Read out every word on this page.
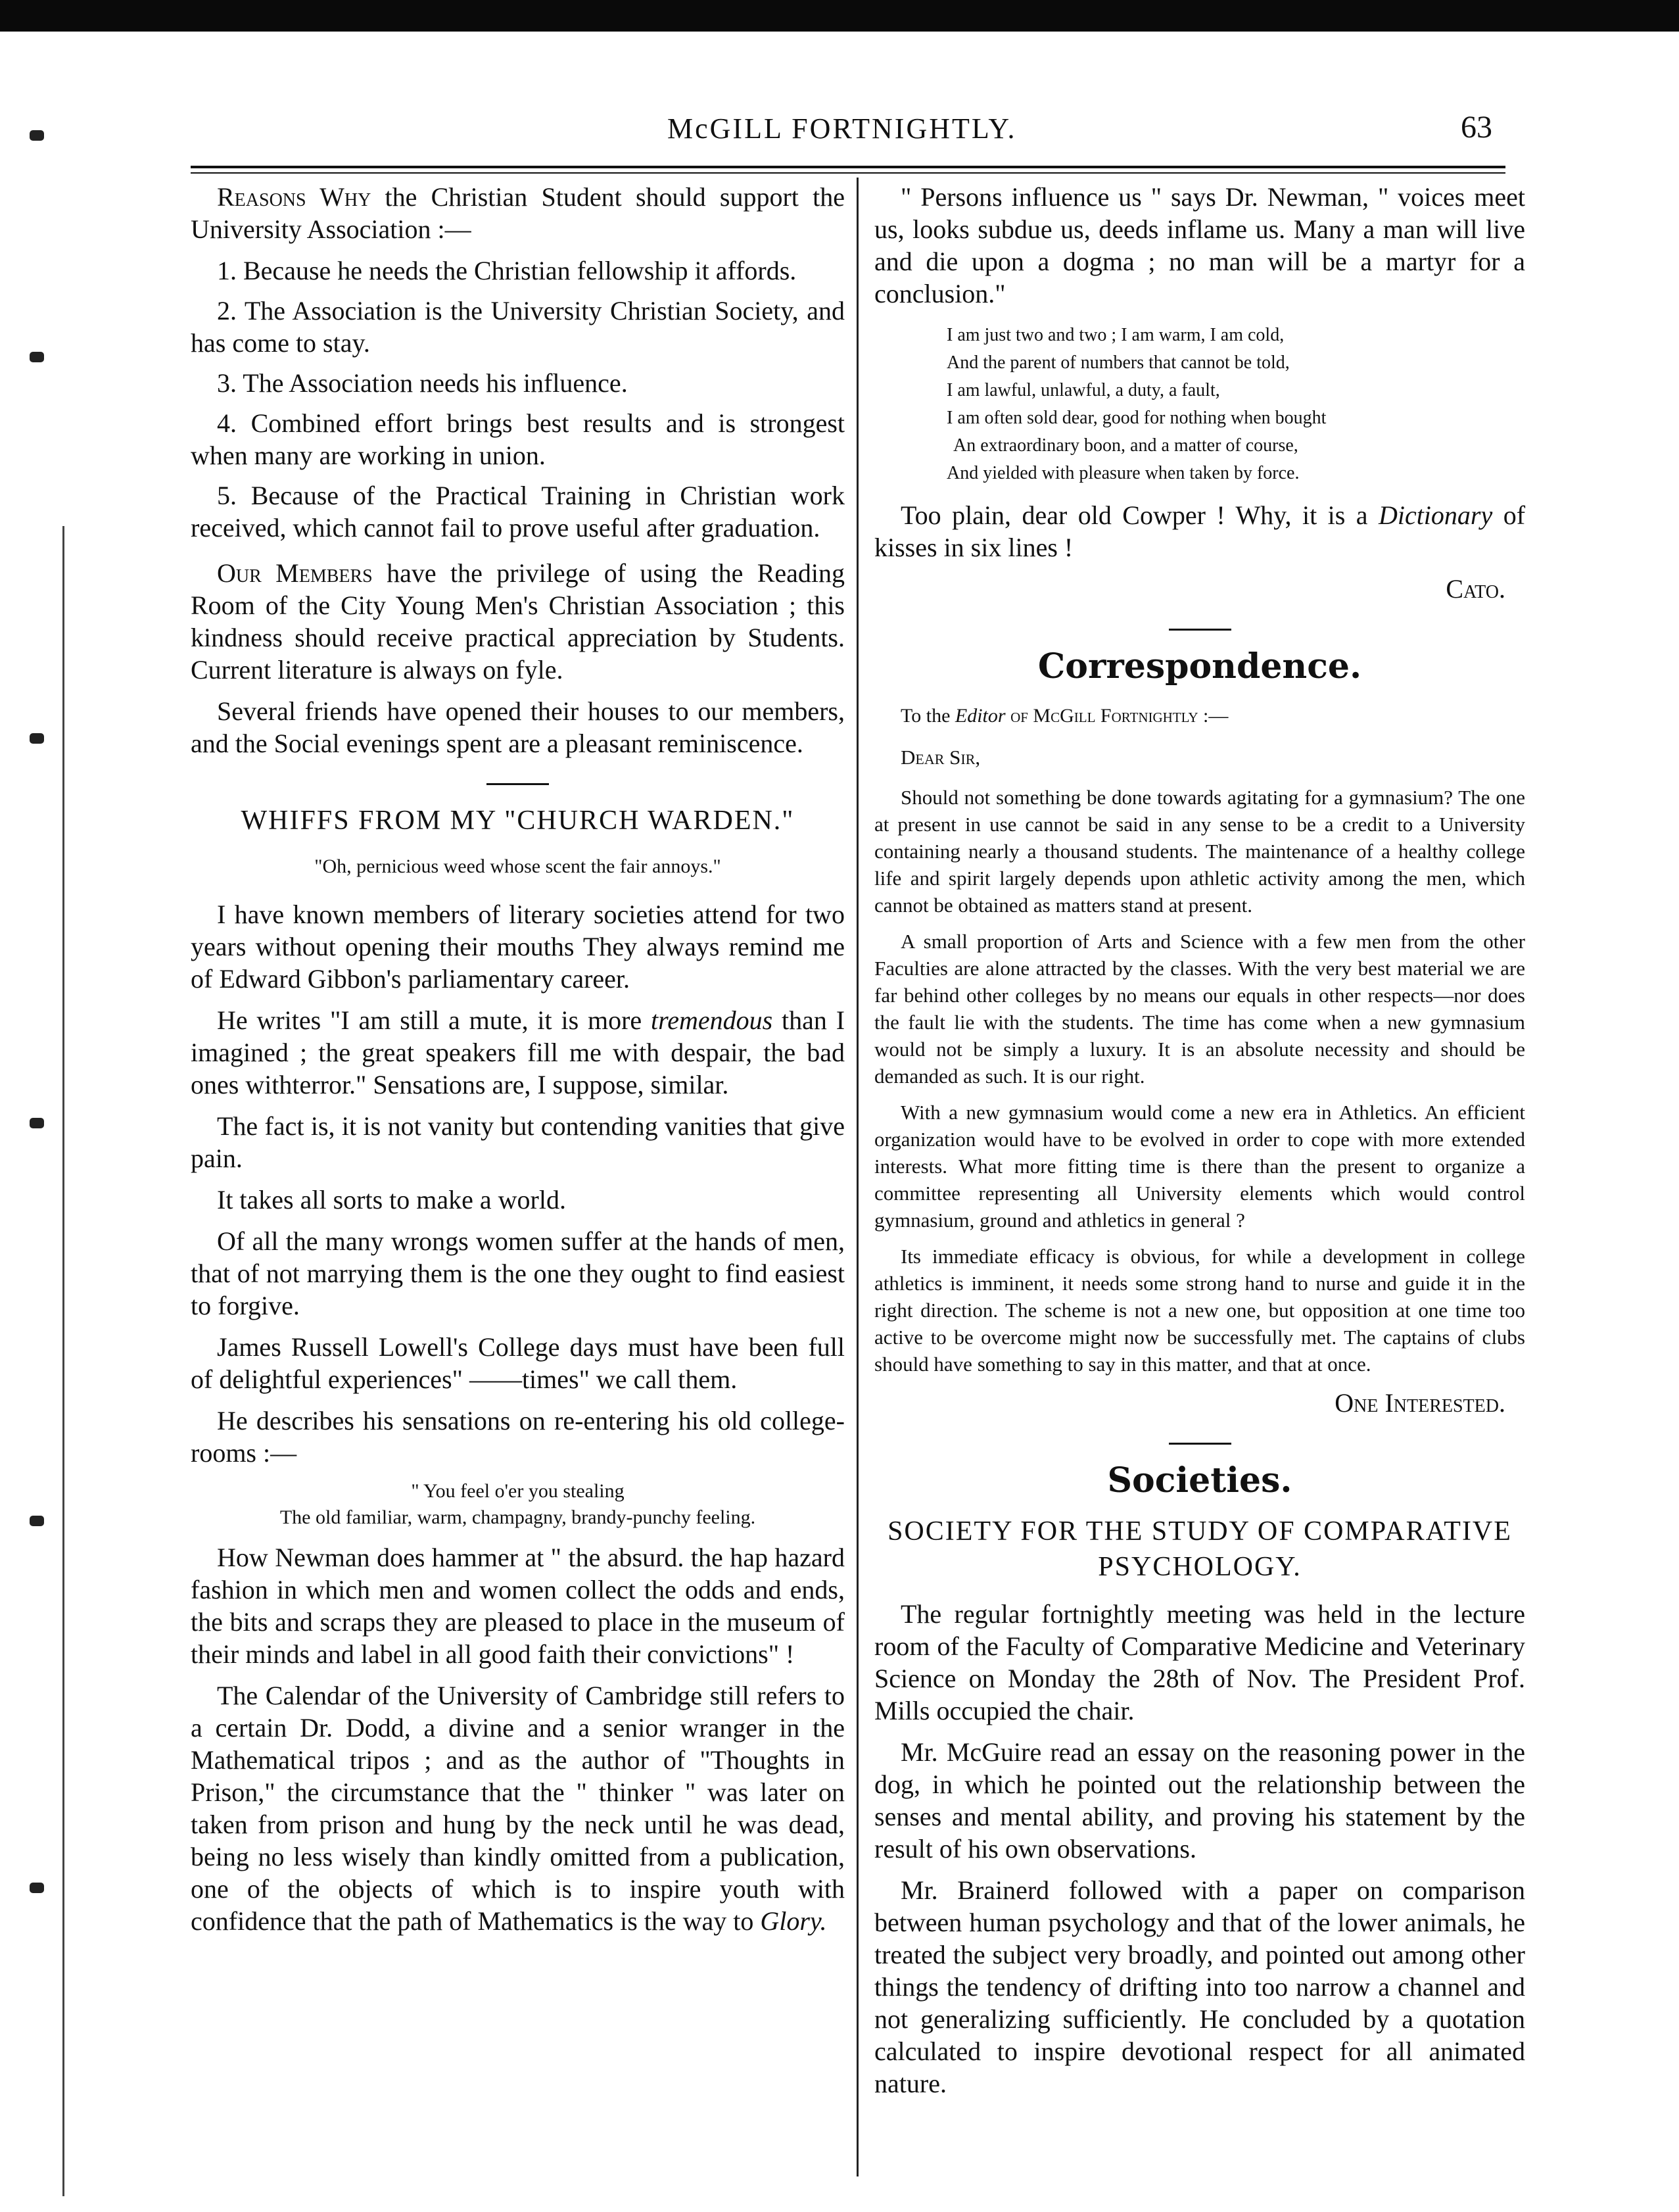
McGILL FORTNIGHTLY.	63

Reasons Why the Christian Student should support the University Association :—

1. Because he needs the Christian fellowship it affords.
2. The Association is the University Christian Society, and has come to stay.
3. The Association needs his influence.
4. Combined effort brings best results and is strongest when many are working in union.
5. Because of the Practical Training in Christian work received, which cannot fail to prove useful after graduation.

Our Members have the privilege of using the Reading Room of the City Young Men's Christian Association ; this kindness should receive practical appreciation by Students. Current literature is always on fyle.

Several friends have opened their houses to our members, and the Social evenings spent are a pleasant reminiscence.

WHIFFS FROM MY "CHURCH WARDEN."
"Oh, pernicious weed whose scent the fair annoys."

I have known members of literary societies attend for two years without opening their mouths They always remind me of Edward Gibbon's parliamentary career.

He writes "I am still a mute, it is more tremendous than I imagined ; the great speakers fill me with despair, the bad ones withterror." Sensations are, I suppose, similar.

The fact is, it is not vanity but contending vanities that give pain.

It takes all sorts to make a world.

Of all the many wrongs women suffer at the hands of men, that of not marrying them is the one they ought to find easiest to forgive.

James Russell Lowell's College days must have been full of delightful experiences" ——times" we call them.

He describes his sensations on re-entering his old college-rooms :—

" You feel o'er you stealing
The old familiar, warm, champagny, brandy-punchy feeling.

How Newman does hammer at " the absurd. the hap hazard fashion in which men and women collect the odds and ends, the bits and scraps they are pleased to place in the museum of their minds and label in all good faith their convictions" !

The Calendar of the University of Cambridge still refers to a certain Dr. Dodd, a divine and a senior wranger in the Mathematical tripos ; and as the author of "Thoughts in Prison," the circumstance that the " thinker " was later on taken from prison and hung by the neck until he was dead, being no less wisely than kindly omitted from a publication, one of the objects of which is to inspire youth with confidence that the path of Mathematics is the way to Glory.

" Persons influence us " says Dr. Newman, " voices meet us, looks subdue us, deeds inflame us. Many a man will live and die upon a dogma ; no man will be a martyr for a conclusion."

I am just two and two ; I am warm, I am cold,
And the parent of numbers that cannot be told,
I am lawful, unlawful, a duty, a fault,
I am often sold dear, good for nothing when bought
An extraordinary boon, and a matter of course,
And yielded with pleasure when taken by force.

Too plain, dear old Cowper ! Why, it is a Dictionary of kisses in six lines !

Cato.
Correspondence.
To the Editor of McGill Fortnightly :—
Dear Sir,

Should not something be done towards agitating for a gymnasium? The one at present in use cannot be said in any sense to be a credit to a University containing nearly a thousand students. The maintenance of a healthy college life and spirit largely depends upon athletic activity among the men, which cannot be obtained as matters stand at present.

A small proportion of Arts and Science with a few men from the other Faculties are alone attracted by the classes. With the very best material we are far behind other colleges by no means our equals in other respects—nor does the fault lie with the students. The time has come when a new gymnasium would not be simply a luxury. It is an absolute necessity and should be demanded as such. It is our right.

With a new gymnasium would come a new era in Athletics. An efficient organization would have to be evolved in order to cope with more extended interests. What more fitting time is there than the present to organize a committee representing all University elements which would control gymnasium, ground and athletics in general ?

Its immediate efficacy is obvious, for while a development in college athletics is imminent, it needs some strong hand to nurse and guide it in the right direction. The scheme is not a new one, but opposition at one time too active to be overcome might now be successfully met. The captains of clubs should have something to say in this matter, and that at once.

One Interested.
Societies.
SOCIETY FOR THE STUDY OF COMPARATIVE PSYCHOLOGY.

The regular fortnightly meeting was held in the lecture room of the Faculty of Comparative Medicine and Veterinary Science on Monday the 28th of Nov. The President Prof. Mills occupied the chair.

Mr. McGuire read an essay on the reasoning power in the dog, in which he pointed out the relationship between the senses and mental ability, and proving his statement by the result of his own observations.

Mr. Brainerd followed with a paper on comparison between human psychology and that of the lower animals, he treated the subject very broadly, and pointed out among other things the tendency of drifting into too narrow a channel and not generalizing sufficiently. He concluded by a quotation calculated to inspire devotional respect for all animated nature.
